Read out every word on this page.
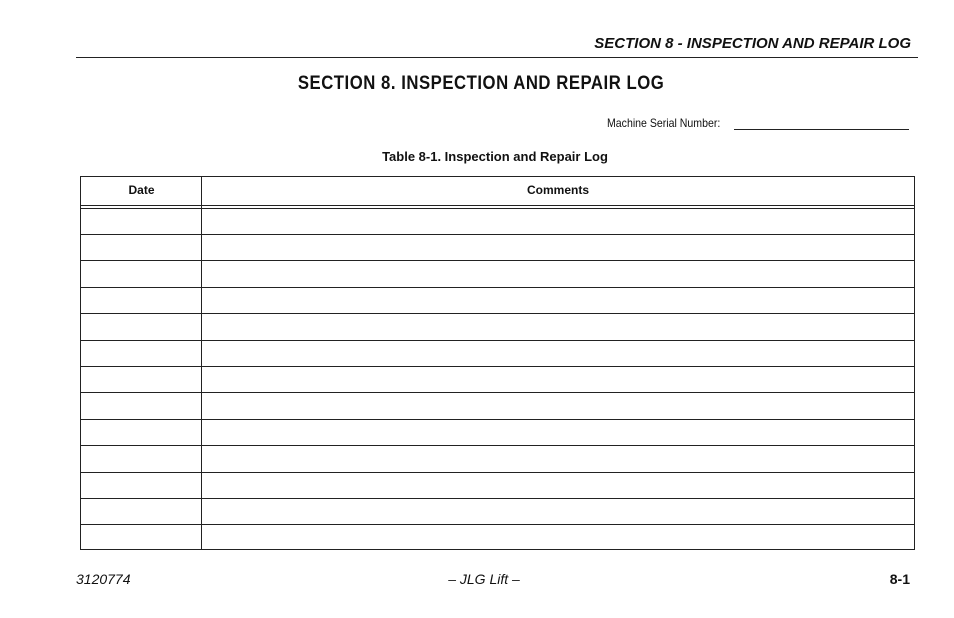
SECTION 8 - INSPECTION AND REPAIR LOG
SECTION 8. INSPECTION AND REPAIR LOG
Machine Serial Number:
Table 8-1. Inspection and Repair Log
Date	Comments
3120774	– JLG Lift –	8-1
